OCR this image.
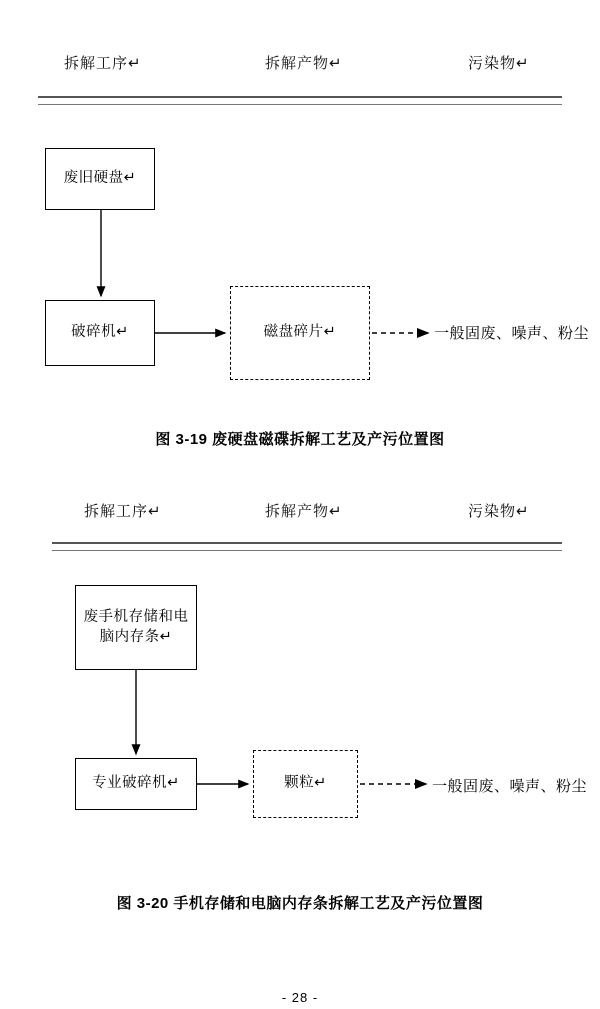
拆解工序↵	拆解产物↵	污染物↵
废旧硬盘↵
破碎机↵	磁盘碎片↵	一般固废、噪声、粉尘
图 3-19 废硬盘磁碟拆解工艺及产污位置图
拆解工序↵	拆解产物↵	污染物↵
废手机存储和电脑内存条↵
专业破碎机↵	颗粒↵	一般固废、噪声、粉尘
图 3-20 手机存储和电脑内存条拆解工艺及产污位置图
- 28 -
